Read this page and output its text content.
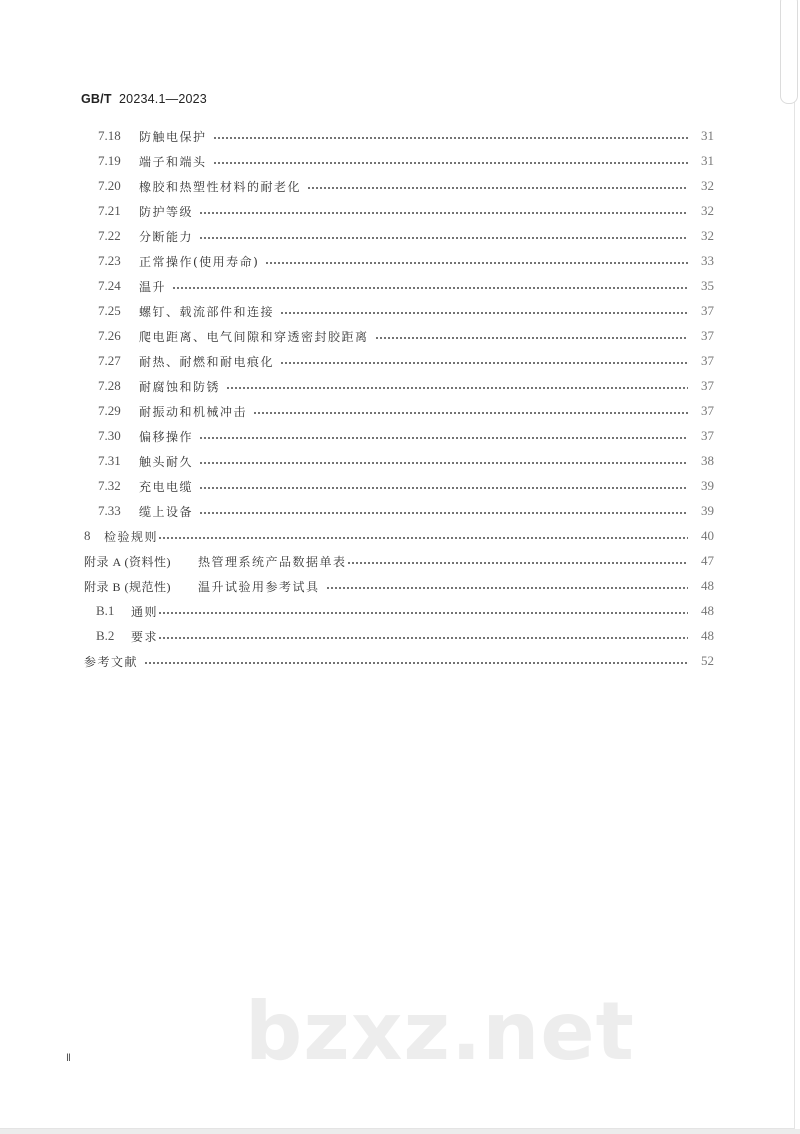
GB/T 20234.1—2023
7.18	防触电保护	31
7.19	端子和端头	31
7.20	橡胶和热塑性材料的耐老化	32
7.21	防护等级	32
7.22	分断能力	32
7.23	正常操作(使用寿命)	33
7.24	温升	35
7.25	螺钉、载流部件和连接	37
7.26	爬电距离、电气间隙和穿透密封胶距离	37
7.27	耐热、耐燃和耐电痕化	37
7.28	耐腐蚀和防锈	37
7.29	耐振动和机械冲击	37
7.30	偏移操作	37
7.31	触头耐久	38
7.32	充电电缆	39
7.33	缆上设备	39
8	检验规则	40
附录 A (资料性)	热管理系统产品数据单表	47
附录 B (规范性)	温升试验用参考试具	48
B.1	通则	48
B.2	要求	48
参考文献	52
bzxz.net
Ⅱ
